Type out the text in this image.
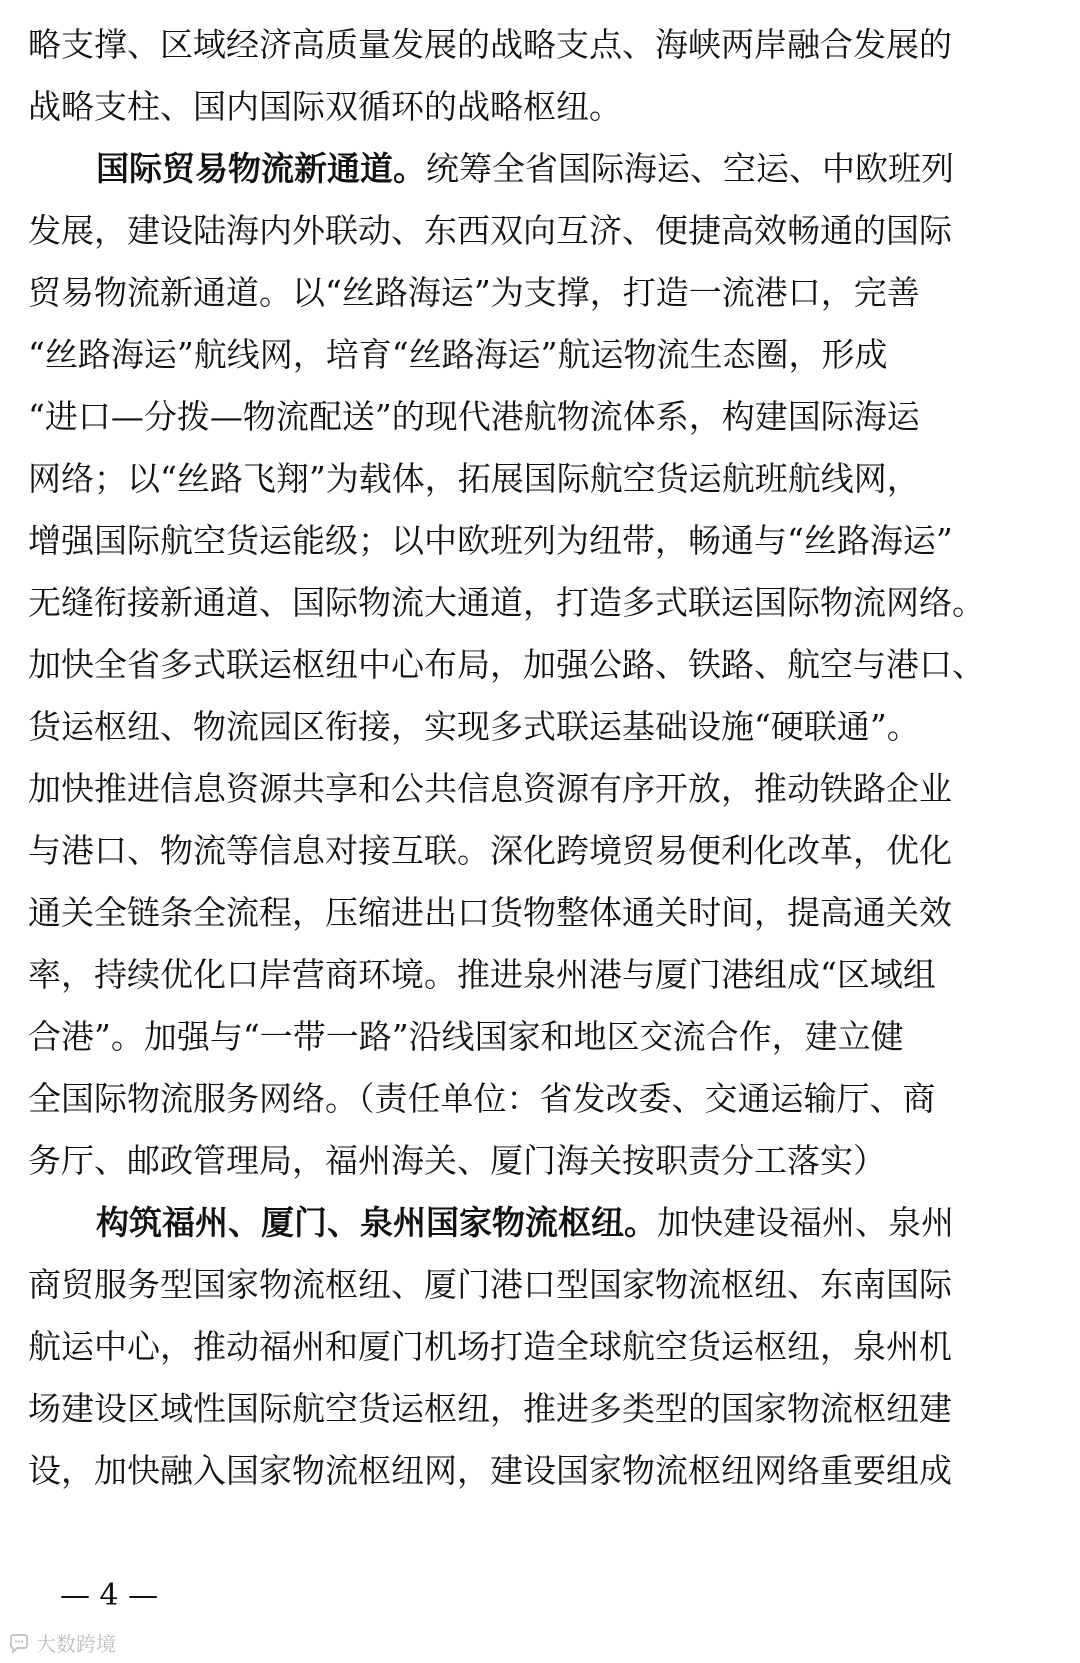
略支撑、区域经济高质量发展的战略支点、海峡两岸融合发展的
战略支柱、国内国际双循环的战略枢纽。
国际贸易物流新通道。统筹全省国际海运、空运、中欧班列
发展，建设陆海内外联动、东西双向互济、便捷高效畅通的国际
贸易物流新通道。以“丝路海运”为支撑，打造一流港口，完善
“丝路海运”航线网，培育“丝路海运”航运物流生态圈，形成
“进口—分拨—物流配送”的现代港航物流体系，构建国际海运
网络；以“丝路飞翔”为载体，拓展国际航空货运航班航线网，
增强国际航空货运能级；以中欧班列为纽带，畅通与“丝路海运”
无缝衔接新通道、国际物流大通道，打造多式联运国际物流网络。
加快全省多式联运枢纽中心布局，加强公路、铁路、航空与港口、
货运枢纽、物流园区衔接，实现多式联运基础设施“硬联通”。
加快推进信息资源共享和公共信息资源有序开放，推动铁路企业
与港口、物流等信息对接互联。深化跨境贸易便利化改革，优化
通关全链条全流程，压缩进出口货物整体通关时间，提高通关效
率，持续优化口岸营商环境。推进泉州港与厦门港组成“区域组
合港”。加强与“一带一路”沿线国家和地区交流合作，建立健
全国际物流服务网络。（责任单位：省发改委、交通运输厅、商
务厅、邮政管理局，福州海关、厦门海关按职责分工落实）
构筑福州、厦门、泉州国家物流枢纽。加快建设福州、泉州
商贸服务型国家物流枢纽、厦门港口型国家物流枢纽、东南国际
航运中心，推动福州和厦门机场打造全球航空货运枢纽，泉州机
场建设区域性国际航空货运枢纽，推进多类型的国家物流枢纽建
设，加快融入国家物流枢纽网，建设国家物流枢纽网络重要组成
— 4 —
大数跨境
